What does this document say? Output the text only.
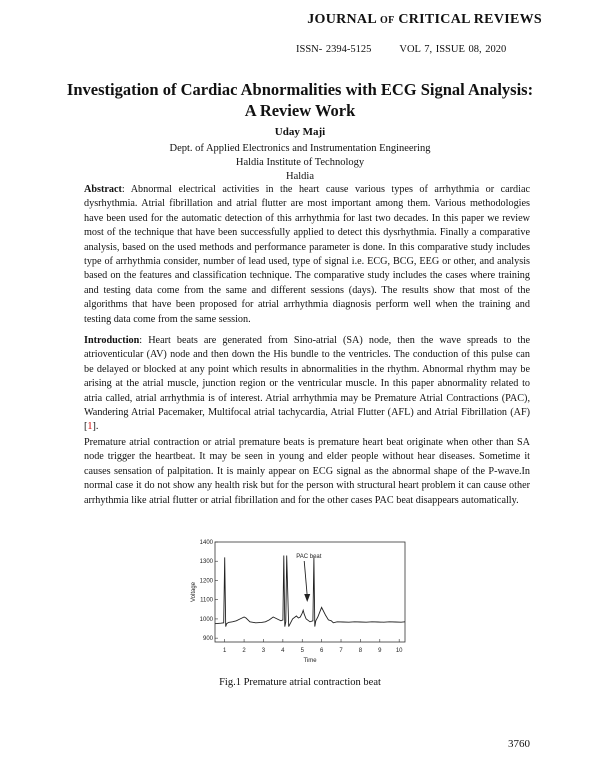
JOURNAL OF CRITICAL REVIEWS
ISSN- 2394-5125	VOL 7, ISSUE 08, 2020
Investigation of Cardiac Abnormalities with ECG Signal Analysis:
A Review Work
Uday Maji
Dept. of Applied Electronics and Instrumentation Engineering
Haldia Institute of Technology
Haldia

Abstract: Abnormal electrical activities in the heart cause various types of arrhythmia or cardiac dysrhythmia. Atrial fibrillation and atrial flutter are most important among them. Various methodologies have been used for the automatic detection of this arrhythmia for last two decades. In this paper we review most of the technique that have been successfully applied to detect this dysrhythmia. Finally a comparative analysis, based on the used methods and performance parameter is done. In this comparative study includes type of arrhythmia consider, number of lead used, type of signal i.e. ECG, BCG, EEG or other, and analysis based on the features and classification technique. The comparative study includes the cases where training and testing data come from the same and different sessions (days). The results show that most of the algorithms that have been proposed for atrial arrhythmia diagnosis perform well when the training and testing data come from the same session.

Introduction: Heart beats are generated from Sino-atrial (SA) node, then the wave spreads to the atrioventicular (AV) node and then down the His bundle to the ventricles. The conduction of this pulse can be delayed or blocked at any point which results in abnormalities in the rhythm. Abnormal rhythm may be arising at the atrial muscle, junction region or the ventricular muscle. In this paper abnormality related to atria called, atrial arrhythmia is of interest. Atrial arrhythmia may be Premature Atrial Contractions (PAC), Wandering Atrial Pacemaker, Multifocal atrial tachycardia, Atrial Flutter (AFL) and Atrial Fibrillation (AF) [1].

Premature atrial contraction or atrial premature beats is premature heart beat originate when other than SA node trigger the heartbeat. It may be seen in young and elder people without hear diseases. Sometime it causes sensation of palpitation. It is mainly appear on ECG signal as the abnormal shape of the P-wave.In normal case it do not show any health risk but for the person with structural heart problem it can cause other arrhythmia like atrial flutter or atrial fibrillation and for the other cases PAC beat disappears automatically.

1	2	3	4	5	6	7	8	9 10
900
1000
1100
1200
1300
1400
Time
Voltage
PAC beat
Fig.1 Premature atrial contraction beat
3760
